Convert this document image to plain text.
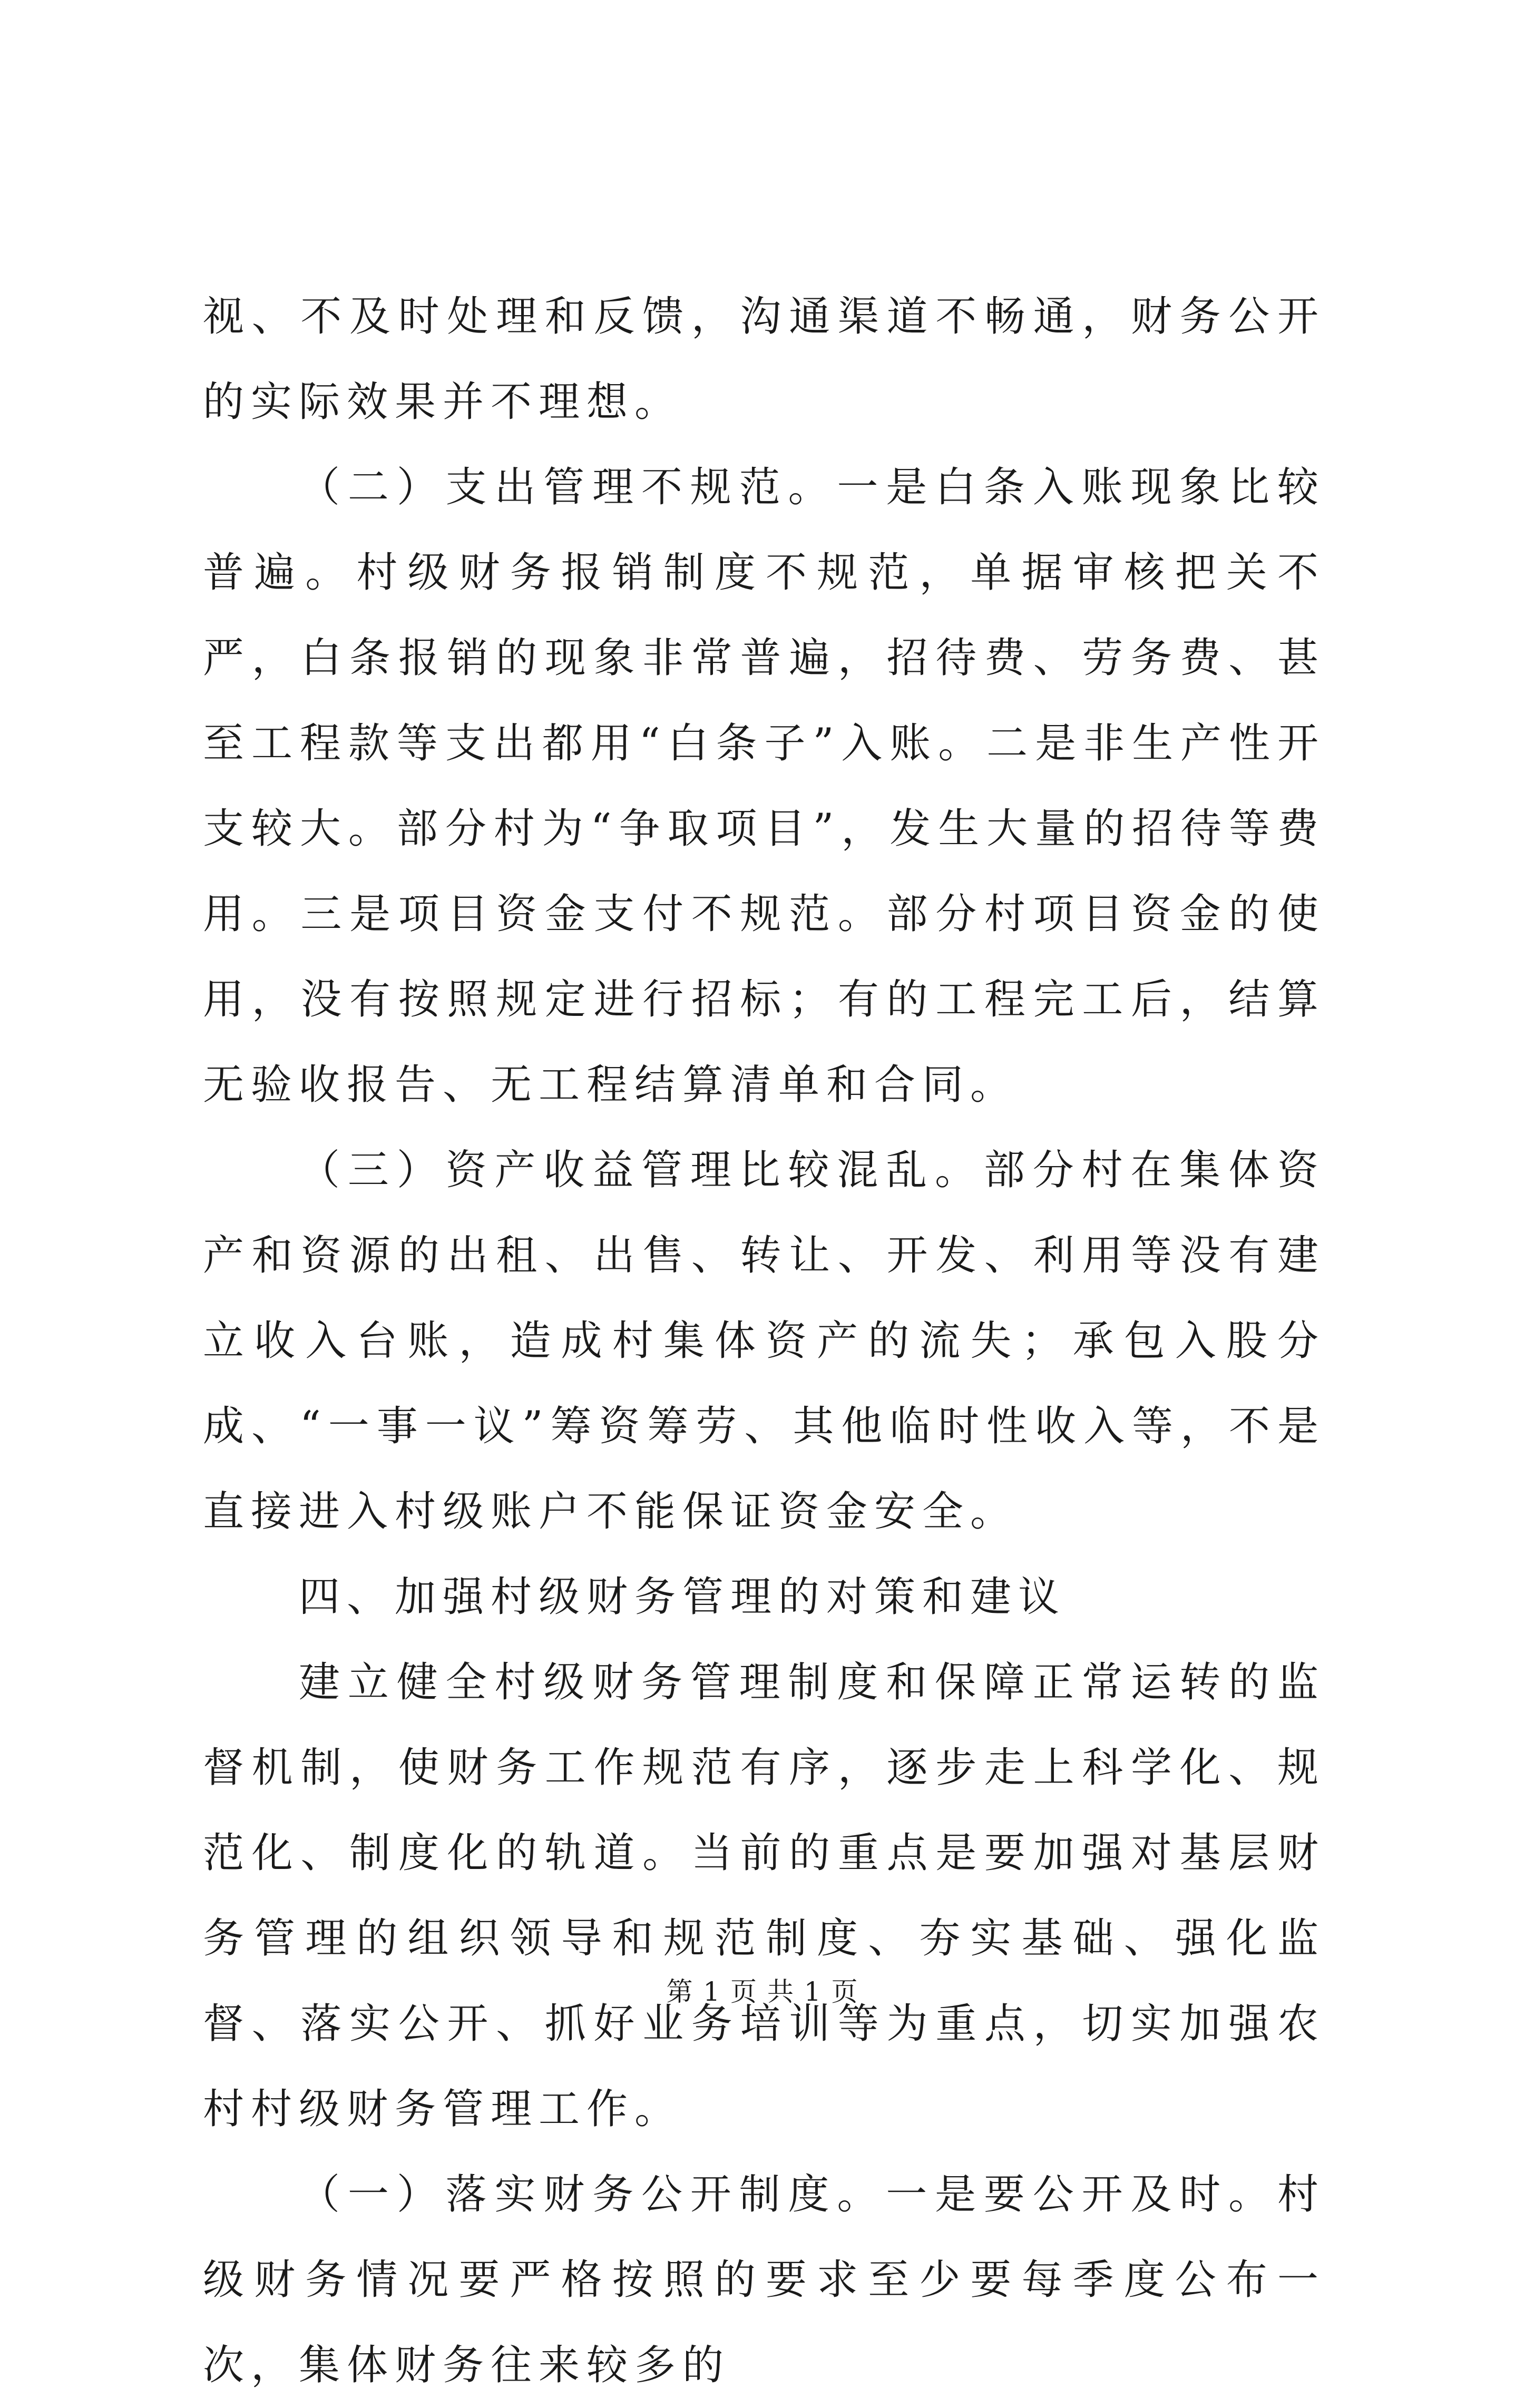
视、不及时处理和反馈，沟通渠道不畅通，财务公开的实际效果并不理想。

（二）支出管理不规范。一是白条入账现象比较普遍。村级财务报销制度不规范，单据审核把关不严，白条报销的现象非常普遍，招待费、劳务费、甚至工程款等支出都用“白条子”入账。二是非生产性开支较大。部分村为“争取项目”，发生大量的招待等费用。三是项目资金支付不规范。部分村项目资金的使用，没有按照规定进行招标；有的工程完工后，结算无验收报告、无工程结算清单和合同。

（三）资产收益管理比较混乱。部分村在集体资产和资源的出租、出售、转让、开发、利用等没有建立收入台账，造成村集体资产的流失；承包入股分成、“一事一议”筹资筹劳、其他临时性收入等，不是直接进入村级账户不能保证资金安全。

四、加强村级财务管理的对策和建议

建立健全村级财务管理制度和保障正常运转的监督机制，使财务工作规范有序，逐步走上科学化、规范化、制度化的轨道。当前的重点是要加强对基层财务管理的组织领导和规范制度、夯实基础、强化监督、落实公开、抓好业务培训等为重点，切实加强农村村级财务管理工作。

（一）落实财务公开制度。一是要公开及时。村级财务情况要严格按照的要求至少要每季度公布一次，集体财务往来较多的

第 1 页 共 1 页
